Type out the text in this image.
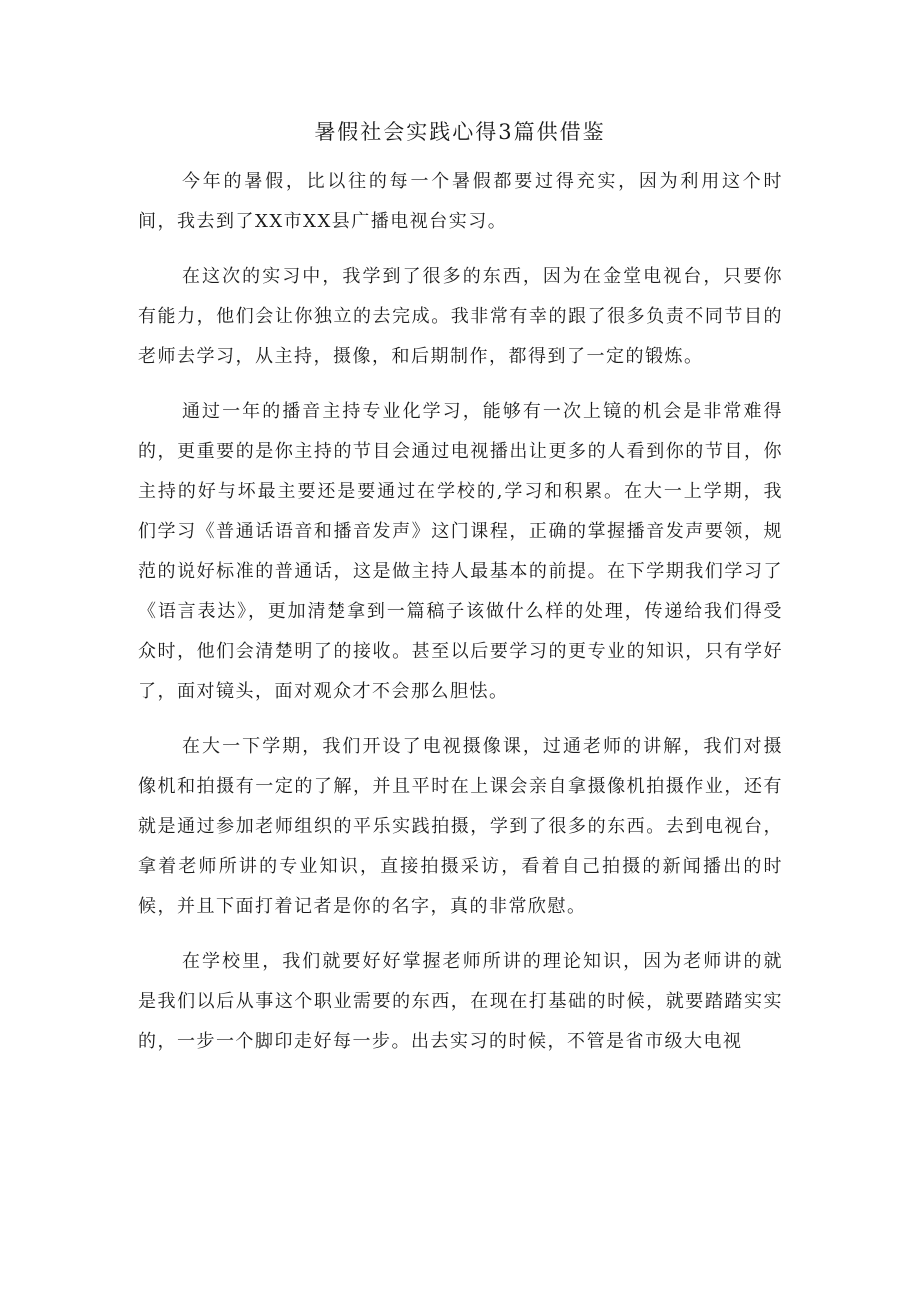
暑假社会实践心得3篇供借鉴

今年的暑假，比以往的每一个暑假都要过得充实，因为利用这个时间，我去到了XX市XX县广播电视台实习。

在这次的实习中，我学到了很多的东西，因为在金堂电视台，只要你有能力，他们会让你独立的去完成。我非常有幸的跟了很多负责不同节目的老师去学习，从主持，摄像，和后期制作，都得到了一定的锻炼。

通过一年的播音主持专业化学习，能够有一次上镜的机会是非常难得的，更重要的是你主持的节目会通过电视播出让更多的人看到你的节目，你主持的好与坏最主要还是要通过在学校的,学习和积累。在大一上学期，我们学习《普通话语音和播音发声》这门课程，正确的掌握播音发声要领，规范的说好标准的普通话，这是做主持人最基本的前提。在下学期我们学习了《语言表达》，更加清楚拿到一篇稿子该做什么样的处理，传递给我们得受众时，他们会清楚明了的接收。甚至以后要学习的更专业的知识，只有学好了，面对镜头，面对观众才不会那么胆怯。

在大一下学期，我们开设了电视摄像课，过通老师的讲解，我们对摄像机和拍摄有一定的了解，并且平时在上课会亲自拿摄像机拍摄作业，还有就是通过参加老师组织的平乐实践拍摄，学到了很多的东西。去到电视台，拿着老师所讲的专业知识，直接拍摄采访，看着自己拍摄的新闻播出的时候，并且下面打着记者是你的名字，真的非常欣慰。

在学校里，我们就要好好掌握老师所讲的理论知识，因为老师讲的就是我们以后从事这个职业需要的东西，在现在打基础的时候，就要踏踏实实的，一步一个脚印走好每一步。出去实习的时候，不管是省市级大电视
